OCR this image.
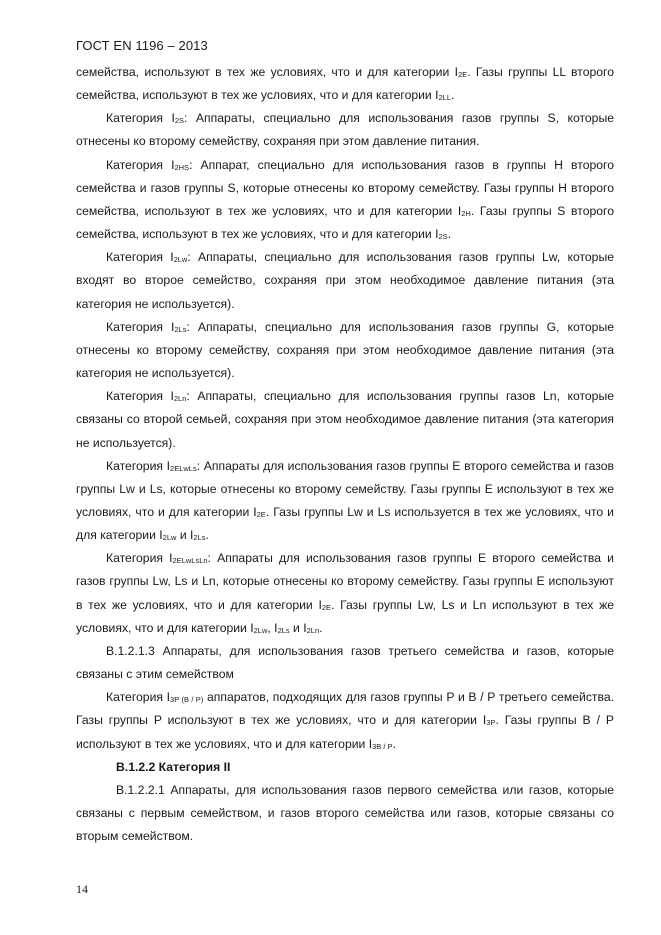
ГОСТ EN 1196 – 2013

семейства, используют в тех же условиях, что и для категории I2E. Газы группы LL второго семейства, используют в тех же условиях, что и для категории I2LL.

Категория I2S: Аппараты, специально для использования газов группы S, которые отнесены ко второму семейству, сохраняя при этом давление питания.

Категория I2HS: Аппарат, специально для использования газов в группы H второго семейства и газов группы S, которые отнесены ко второму семейству. Газы группы H второго семейства, используют в тех же условиях, что и для категории I2H. Газы группы S второго семейства, используют в тех же условиях, что и для категории I2S.

Категория I2Lw: Аппараты, специально для использования газов группы Lw, которые входят во второе семейство, сохраняя при этом необходимое давление питания (эта категория не используется).

Категория I2Ls: Аппараты, специально для использования газов группы G, которые отнесены ко второму семейству, сохраняя при этом необходимое давление питания (эта категория не используется).

Категория I2Ln: Аппараты, специально для использования группы газов Ln, которые связаны со второй семьей, сохраняя при этом необходимое давление питания (эта категория не используется).

Категория I2ELwLs: Аппараты для использования газов группы E второго семейства и газов группы Lw и Ls, которые отнесены ко второму семейству. Газы группы E используют в тех же условиях, что и для категории I2E. Газы группы Lw и Ls используется в тех же условиях, что и для категории I2Lw и I2Ls.

Категория I2ELwLsLn: Аппараты для использования газов группы E второго семейства и газов группы Lw, Ls и Ln, которые отнесены ко второму семейству. Газы группы E используют в тех же условиях, что и для категории I2E. Газы группы Lw, Ls и Ln используют в тех же условиях, что и для категории I2Lw, I2Ls и I2Ln.

В.1.2.1.3 Аппараты, для использования газов третьего семейства и газов, которые связаны с этим семейством

Категория I3P (B / P) аппаратов, подходящих для газов группы P и B / P третьего семейства. Газы группы P используют в тех же условиях, что и для категории I3P. Газы группы B / P используют в тех же условиях, что и для категории I3B / P.

В.1.2.2 Категория II

В.1.2.2.1 Аппараты, для использования газов первого семейства или газов, которые связаны с первым семейством, и газов второго семейства или газов, которые связаны со вторым семейством.

14
